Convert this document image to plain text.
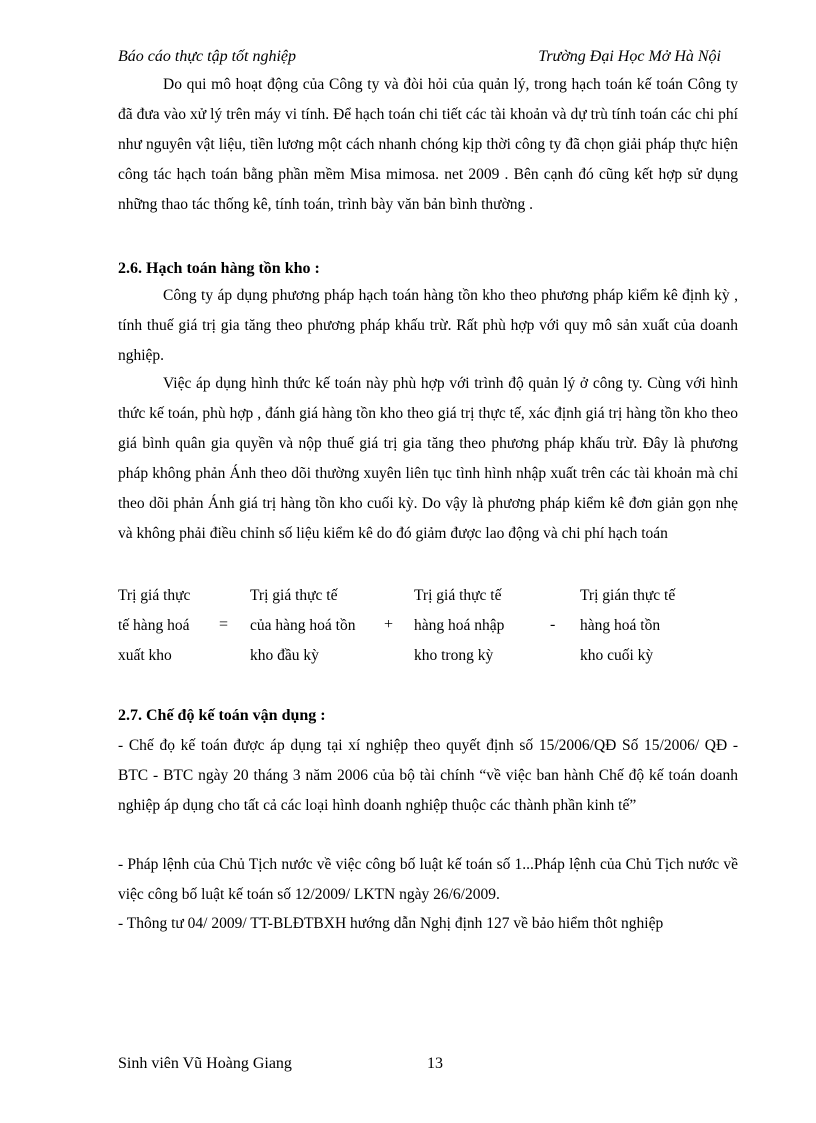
Báo cáo thực tập tốt nghiệp	Trường Đại Học Mở Hà Nội
Do qui mô hoạt động của Công ty và đòi hỏi của quản lý, trong hạch toán kế toán Công ty đã đưa vào xử lý trên máy vi tính. Để hạch toán chi tiết các tài khoản và dự trù tính toán các chi phí như nguyên vật liệu, tiền lương một cách nhanh chóng kịp thời công ty đã chọn giải pháp thực hiện công tác hạch toán bằng phần mềm Misa mimosa. net 2009 . Bên cạnh đó cũng kết hợp sử dụng những thao tác thống kê, tính toán, trình bày văn bản bình thường .
2.6. Hạch toán hàng tồn kho :
Công ty áp dụng phương pháp hạch toán hàng tồn kho theo phương pháp kiểm kê định kỳ , tính thuế giá trị gia tăng theo phương pháp khấu trừ. Rất phù hợp với quy mô sản xuất của doanh nghiệp.
Việc áp dụng hình thức kế toán này phù hợp với trình độ quản lý ở công ty. Cùng với hình thức kế toán, phù hợp , đánh giá hàng tồn kho theo giá trị thực tế, xác định giá trị hàng tồn kho theo giá bình quân gia quyền và nộp thuế giá trị gia tăng theo phương pháp khấu trừ. Đây là phương pháp không phản Ánh theo dõi thường xuyên liên tục tình hình nhập xuất trên các tài khoản mà chỉ theo dõi phản Ánh giá trị hàng tồn kho cuối kỳ. Do vậy là phương pháp kiểm kê đơn giản gọn nhẹ và không phải điều chỉnh số liệu kiểm kê do đó giảm được lao động và chi phí hạch toán
Trị giá thực
tế hàng hoá
xuất kho
=
Trị giá thực tế
của hàng hoá tồn
kho đầu kỳ
+
Trị giá thực tế
hàng hoá nhập
kho trong kỳ
-
Trị gián thực tế
hàng hoá tồn
kho cuối kỳ
2.7. Chế độ kế toán vận dụng :
- Chế đọ kế toán được áp dụng tại xí nghiệp theo quyết định số 15/2006/QĐ Số 15/2006/ QĐ - BTC - BTC ngày 20 tháng 3 năm 2006 của bộ tài chính “về việc ban hành Chế độ kế toán doanh nghiệp áp dụng cho tất cả các loại hình doanh nghiệp thuộc các thành phần kinh tế”
- Pháp lệnh của Chủ Tịch nước về việc công bố luật kế toán số 1...Pháp lệnh của Chủ Tịch nước về việc công bố luật kế toán số 12/2009/ LKTN ngày 26/6/2009.
- Thông tư 04/ 2009/ TT-BLĐTBXH hướng dẫn Nghị định 127 về bảo hiểm thôt nghiệp
Sinh viên Vũ Hoàng Giang	13
